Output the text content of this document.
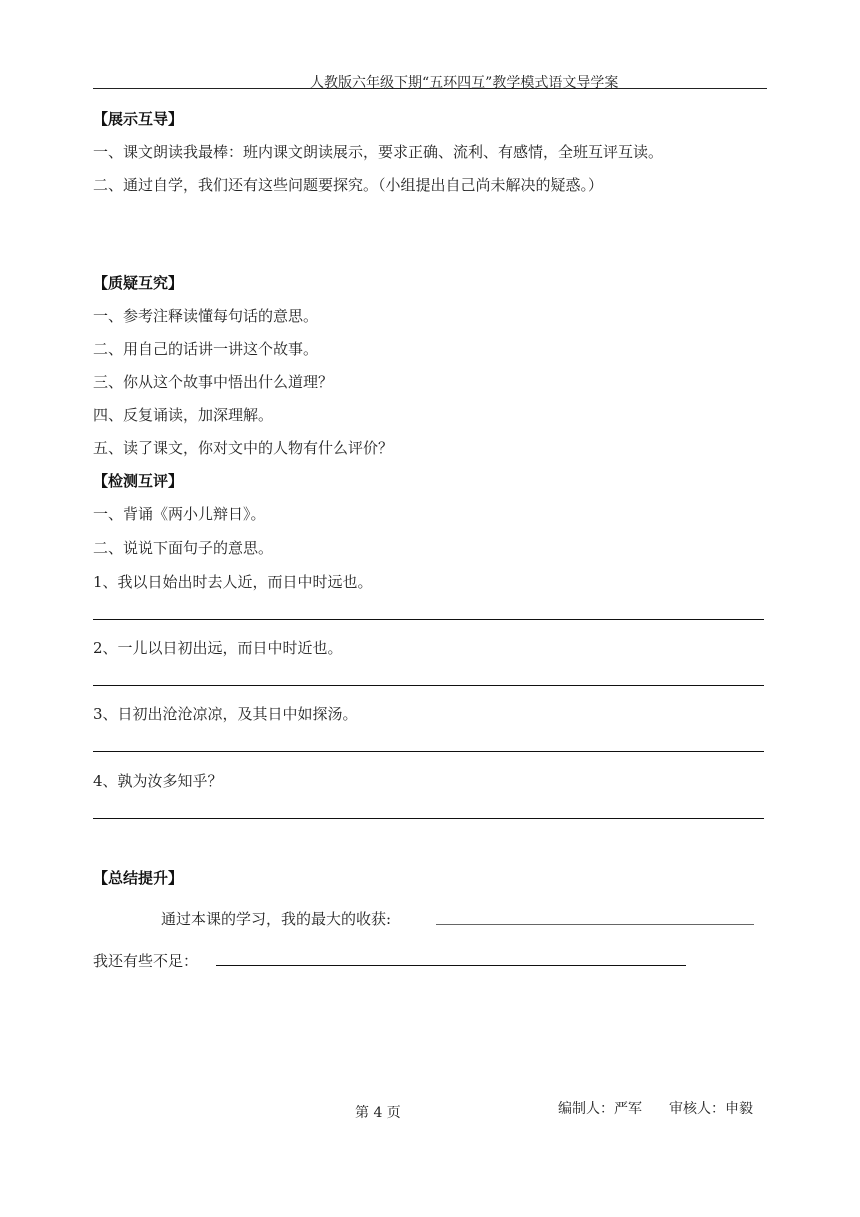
人教版六年级下期“五环四互”教学模式语文导学案
【展示互导】
一、课文朗读我最棒：班内课文朗读展示，要求正确、流利、有感情，全班互评互读。
二、通过自学，我们还有这些问题要探究。（小组提出自己尚未解决的疑惑。）
【质疑互究】
一、参考注释读懂每句话的意思。
二、用自己的话讲一讲这个故事。
三、你从这个故事中悟出什么道理？
四、反复诵读，加深理解。
五、读了课文，你对文中的人物有什么评价？
【检测互评】
一、背诵《两小儿辩日》。
二、说说下面句子的意思。
1、我以日始出时去人近，而日中时远也。
2、一儿以日初出远，而日中时近也。
3、日初出沧沧凉凉，及其日中如探汤。
4、孰为汝多知乎？
【总结提升】
通过本课的学习，我的最大的收获:
我还有些不足：
第 4 页	编制人：严军 审核人：申毅
